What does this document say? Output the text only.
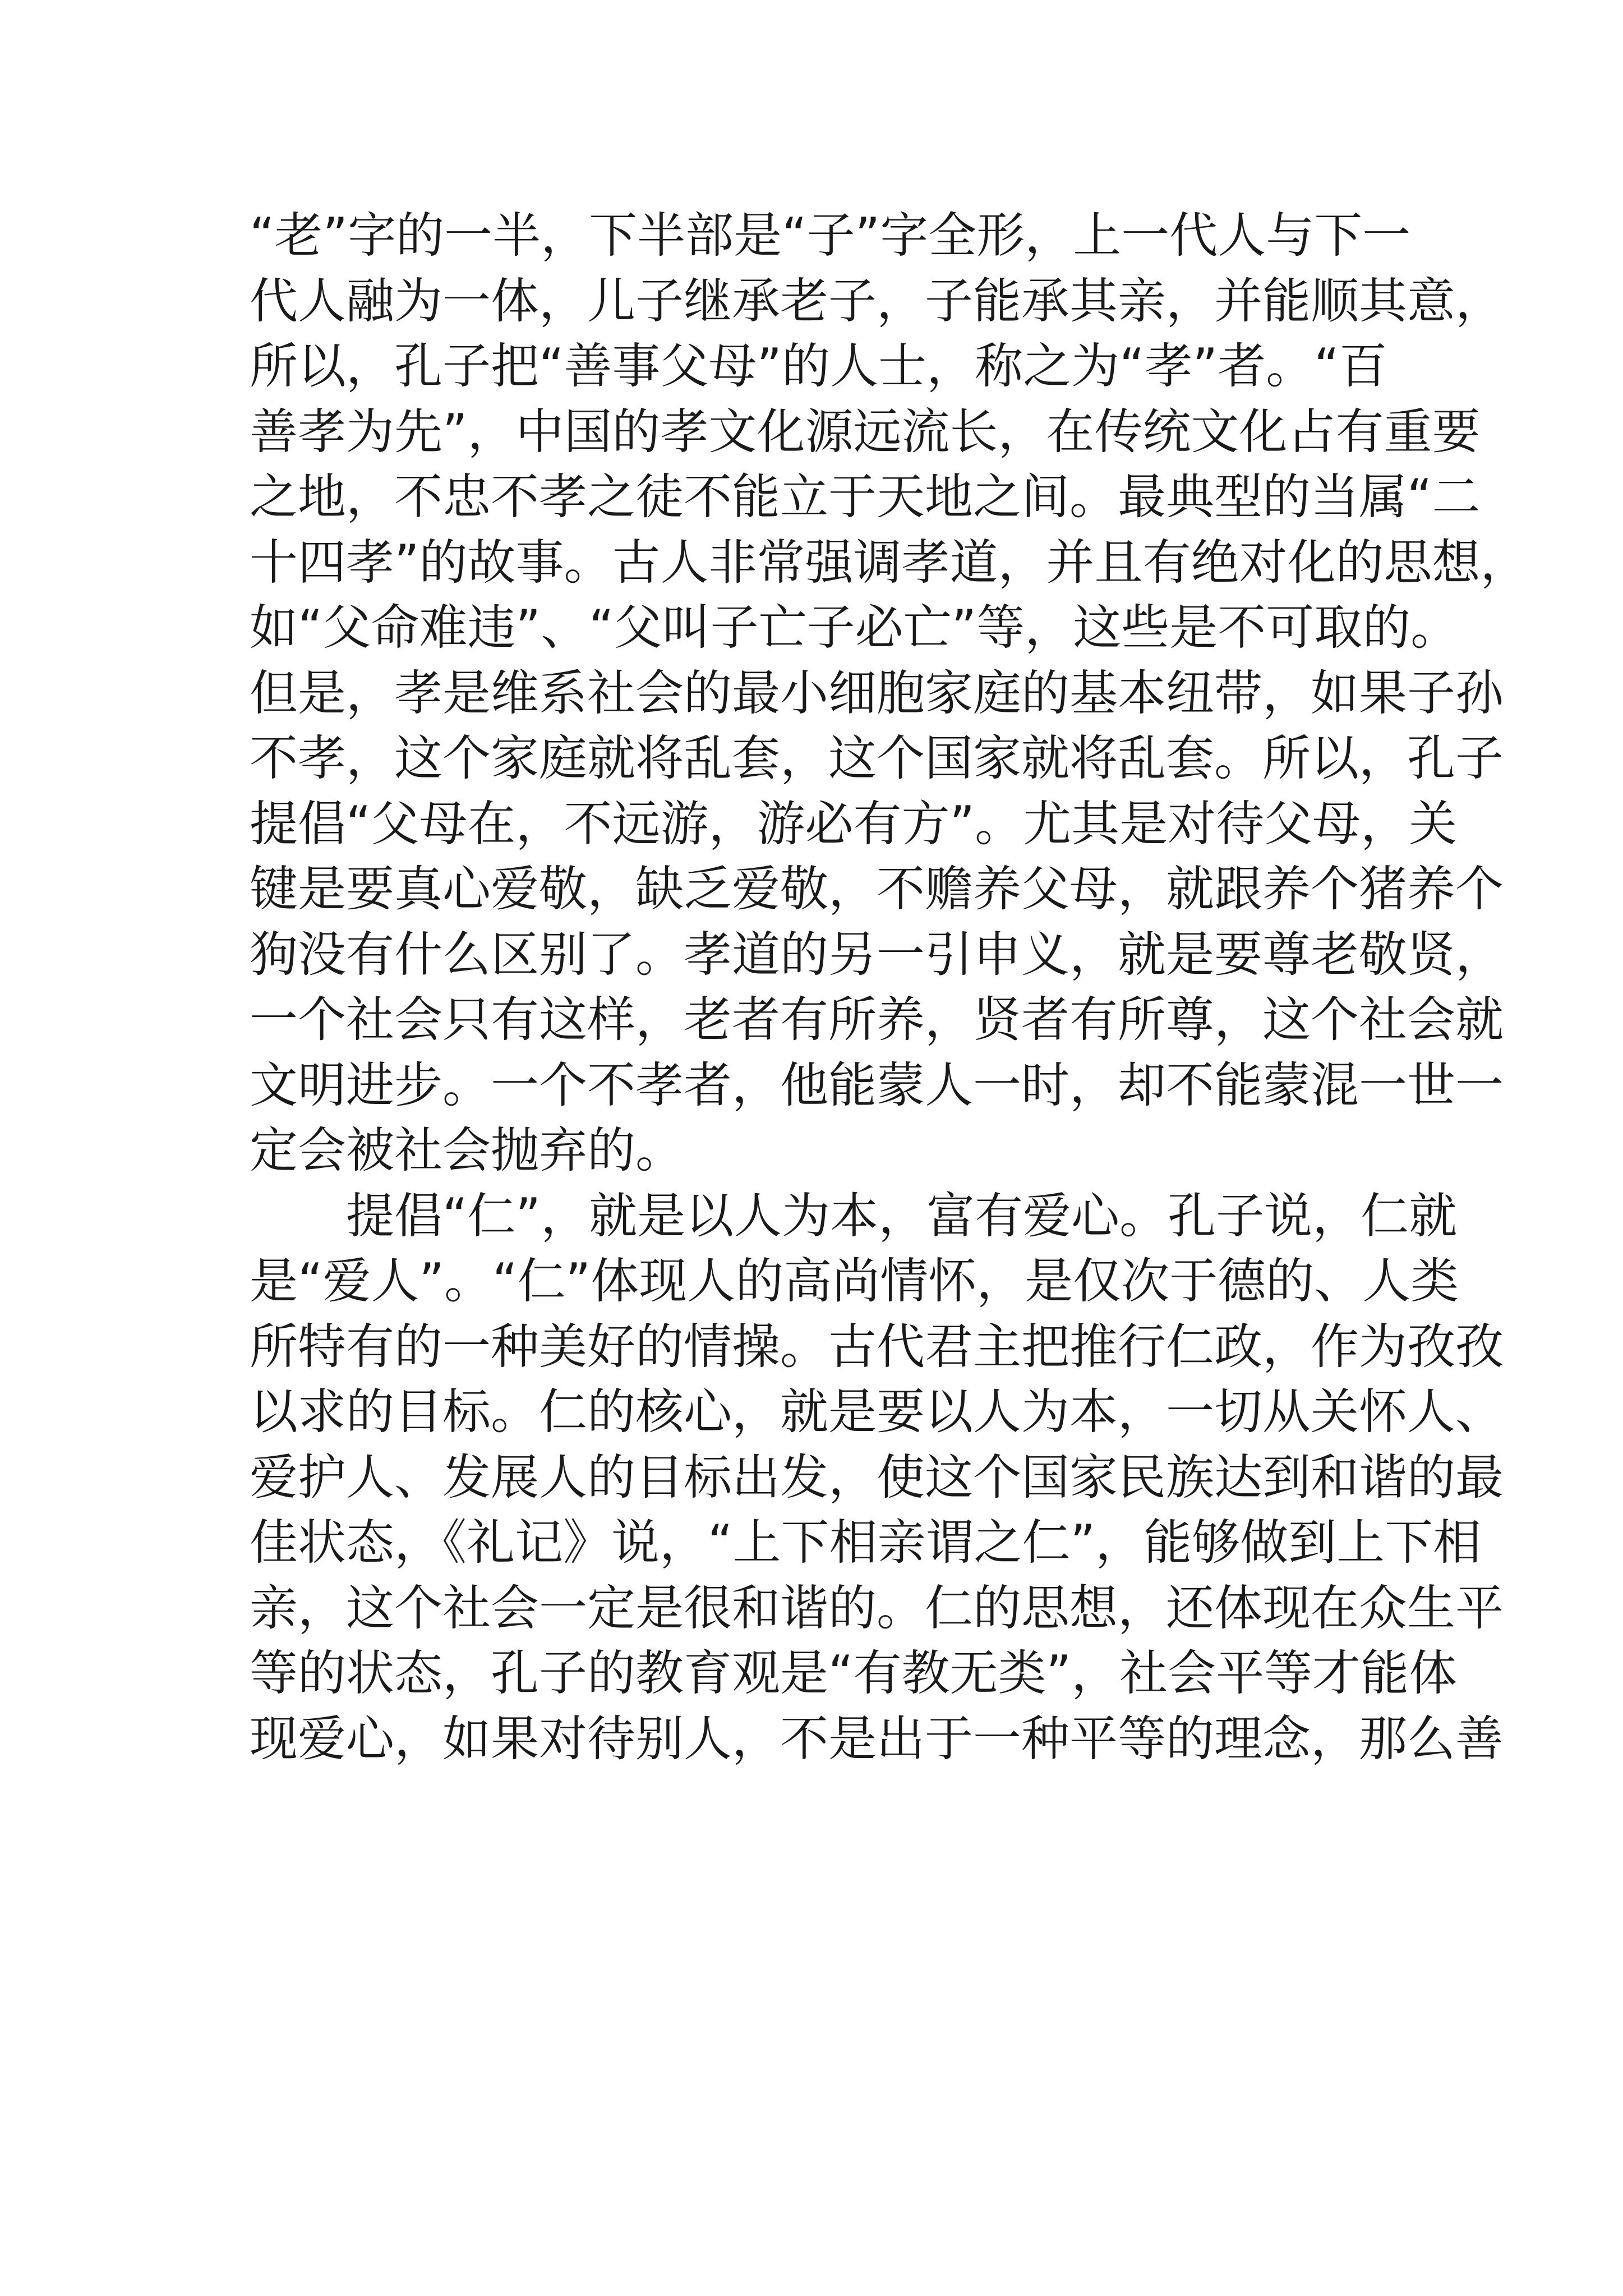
“老”字的一半，下半部是“子”字全形，上一代人与下一
代人融为一体，儿子继承老子，子能承其亲，并能顺其意，
所以，孔子把“善事父母”的人士，称之为“孝”者。“百
善孝为先”，中国的孝文化源远流长，在传统文化占有重要
之地，不忠不孝之徒不能立于天地之间。最典型的当属“二
十四孝”的故事。古人非常强调孝道，并且有绝对化的思想，
如“父命难违”、“父叫子亡子必亡”等，这些是不可取的。
但是，孝是维系社会的最小细胞家庭的基本纽带，如果子孙
不孝，这个家庭就将乱套，这个国家就将乱套。所以，孔子
提倡“父母在，不远游，游必有方”。尤其是对待父母，关
键是要真心爱敬，缺乏爱敬，不赡养父母，就跟养个猪养个
狗没有什么区别了。孝道的另一引申义，就是要尊老敬贤，
一个社会只有这样，老者有所养，贤者有所尊，这个社会就
文明进步。一个不孝者，他能蒙人一时，却不能蒙混一世一
定会被社会抛弃的。
提倡“仁”，就是以人为本，富有爱心。孔子说，仁就
是“爱人”。“仁”体现人的高尚情怀，是仅次于德的、人类
所特有的一种美好的情操。古代君主把推行仁政，作为孜孜
以求的目标。仁的核心，就是要以人为本，一切从关怀人、
爱护人、发展人的目标出发，使这个国家民族达到和谐的最
佳状态，《礼记》说，“上下相亲谓之仁”，能够做到上下相
亲，这个社会一定是很和谐的。仁的思想，还体现在众生平
等的状态，孔子的教育观是“有教无类”，社会平等才能体
现爱心，如果对待别人，不是出于一种平等的理念，那么善
